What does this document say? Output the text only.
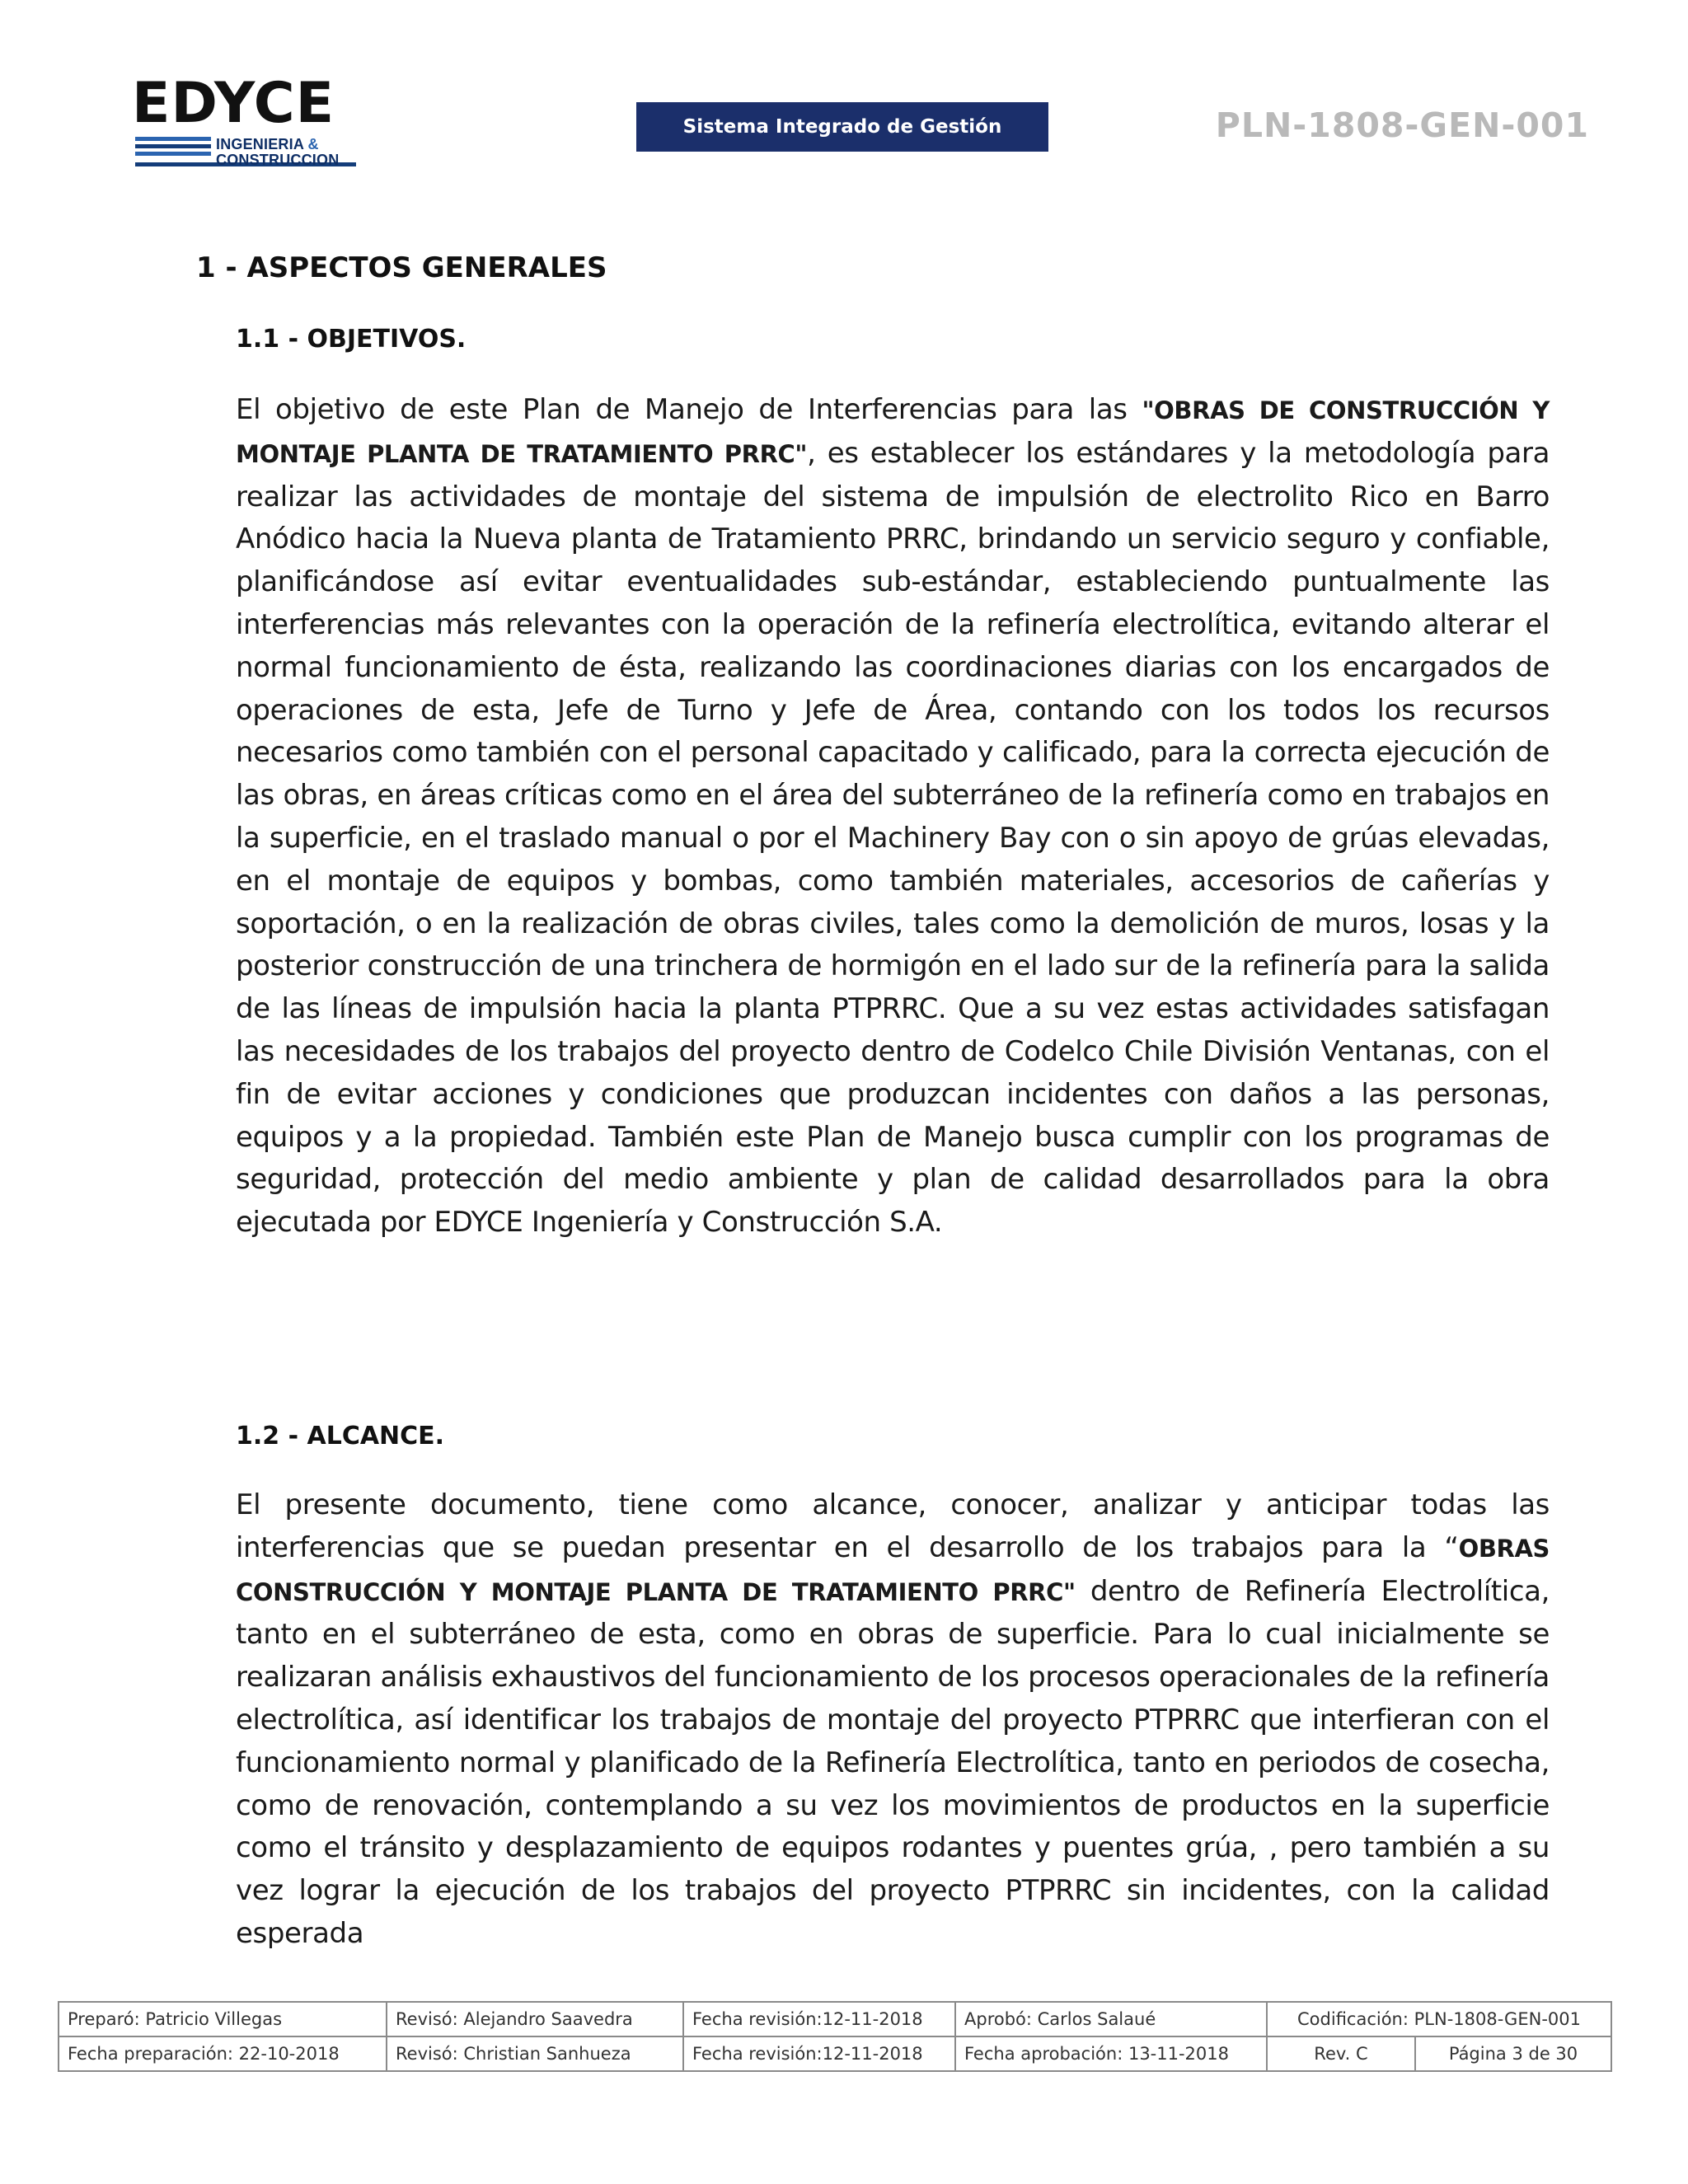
EDYCE
INGENIERIA &
CONSTRUCCION
Sistema Integrado de Gestión	PLN-1808-GEN-001
1 - ASPECTOS GENERALES
1.1 - OBJETIVOS.

El objetivo de este Plan de Manejo de Interferencias para las "OBRAS DE CONSTRUCCIÓN Y MONTAJE PLANTA DE TRATAMIENTO PRRC", es establecer los estándares y la metodología para realizar las actividades de montaje del sistema de impulsión de electrolito Rico en Barro Anódico hacia la Nueva planta de Tratamiento PRRC, brindando un servicio seguro y confiable, planificándose así evitar eventualidades sub-estándar, estableciendo puntualmente las interferencias más relevantes con la operación de la refinería electrolítica, evitando alterar el normal funcionamiento de ésta, realizando las coordinaciones diarias con los encargados de operaciones de esta, Jefe de Turno y Jefe de Área, contando con los todos los recursos necesarios como también con el personal capacitado y calificado, para la correcta ejecución de las obras, en áreas críticas como en el área del subterráneo de la refinería como en trabajos en la superficie, en el traslado manual o por el Machinery Bay con o sin apoyo de grúas elevadas, en el montaje de equipos y bombas, como también materiales, accesorios de cañerías y soportación, o en la realización de obras civiles, tales como la demolición de muros, losas y la posterior construcción de una trinchera de hormigón en el lado sur de la refinería para la salida de las líneas de impulsión hacia la planta PTPRRC. Que a su vez estas actividades satisfagan las necesidades de los trabajos del proyecto dentro de Codelco Chile División Ventanas, con el fin de evitar acciones y condiciones que produzcan incidentes con daños a las personas, equipos y a la propiedad. También este Plan de Manejo busca cumplir con los programas de seguridad, protección del medio ambiente y plan de calidad desarrollados para la obra ejecutada por EDYCE Ingeniería y Construcción S.A.

1.2 - ALCANCE.

El presente documento, tiene como alcance, conocer, analizar y anticipar todas las interferencias que se puedan presentar en el desarrollo de los trabajos para la “OBRAS CONSTRUCCIÓN Y MONTAJE PLANTA DE TRATAMIENTO PRRC" dentro de Refinería Electrolítica, tanto en el subterráneo de esta, como en obras de superficie. Para lo cual inicialmente se realizaran análisis exhaustivos del funcionamiento de los procesos operacionales de la refinería electrolítica, así identificar los trabajos de montaje del proyecto PTPRRC que interfieran con el funcionamiento normal y planificado de la Refinería Electrolítica, tanto en periodos de cosecha, como de renovación, contemplando a su vez los movimientos de productos en la superficie como el tránsito y desplazamiento de equipos rodantes y puentes grúa, , pero también a su vez lograr la ejecución de los trabajos del proyecto PTPRRC sin incidentes, con la calidad esperada

Preparó: Patricio Villegas	Revisó: Alejandro Saavedra	Fecha revisión:12-11-2018	Aprobó: Carlos Salaué	Codificación: PLN-1808-GEN-001	
Fecha preparación: 22-10-2018	Revisó: Christian Sanhueza	Fecha revisión:12-11-2018	Fecha aprobación: 13-11-2018	Rev. C	Página 3 de 30
